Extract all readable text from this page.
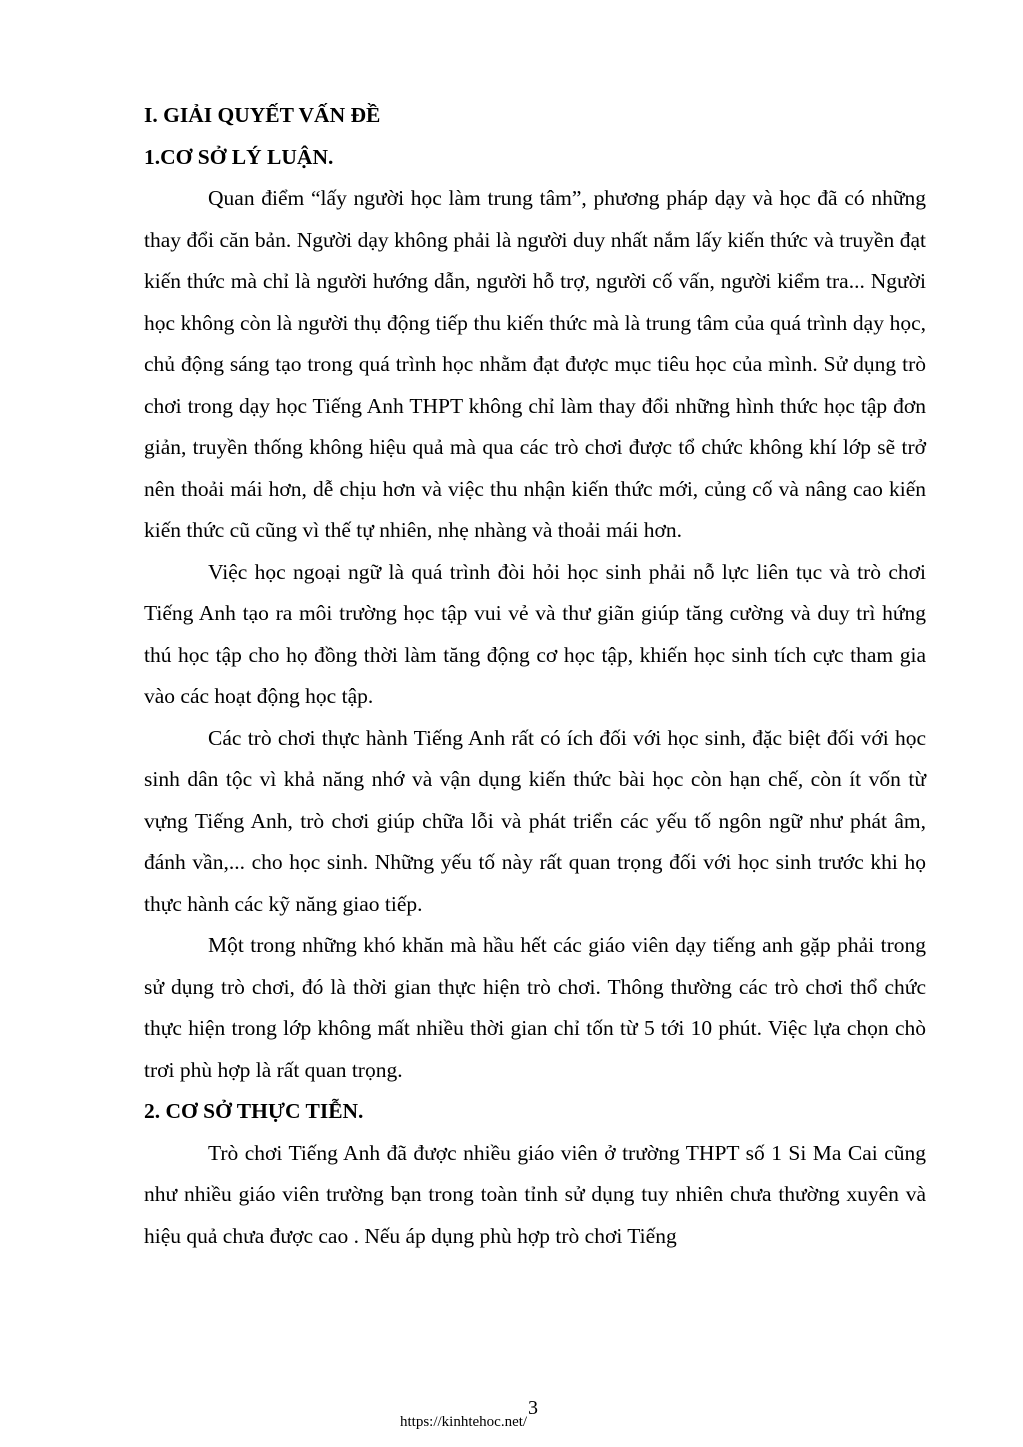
I. GIẢI QUYẾT VẤN ĐỀ

1.CƠ SỞ LÝ LUẬN.

Quan điểm “lấy người học làm trung tâm”, phương pháp dạy và học đã có những thay đổi căn bản. Người dạy không phải là người duy nhất nắm lấy kiến thức và truyền đạt kiến thức mà chỉ là người hướng dẫn, người hỗ trợ, người cố vấn, người kiểm tra... Người học không còn là người thụ động tiếp thu kiến thức mà là trung tâm của quá trình dạy học, chủ động sáng tạo trong quá trình học nhằm đạt được mục tiêu học của mình. Sử dụng trò chơi trong dạy học Tiếng Anh THPT không chỉ làm thay đổi những hình thức học tập đơn giản, truyền thống không hiệu quả mà qua các trò chơi được tổ chức không khí lớp sẽ trở nên thoải mái hơn, dễ chịu hơn và việc thu nhận kiến thức mới, củng cố và nâng cao kiến kiến thức cũ cũng vì thế tự nhiên, nhẹ nhàng và thoải mái hơn.

Việc học ngoại ngữ là quá trình đòi hỏi học sinh phải nỗ lực liên tục và trò chơi Tiếng Anh tạo ra môi trường học tập vui vẻ và thư giãn giúp tăng cường và duy trì hứng thú học tập cho họ đồng thời làm tăng động cơ học tập, khiến học sinh tích cực tham gia vào các hoạt động học tập.

Các trò chơi thực hành Tiếng Anh rất có ích đối với học sinh, đặc biệt đối với học sinh dân tộc vì khả năng nhớ và vận dụng kiến thức bài học còn hạn chế, còn ít vốn từ vựng Tiếng Anh, trò chơi giúp chữa lỗi và phát triển các yếu tố ngôn ngữ như phát âm, đánh vần,... cho học sinh. Những yếu tố này rất quan trọng đối với học sinh trước khi họ thực hành các kỹ năng giao tiếp.

Một trong những khó khăn mà hầu hết các giáo viên dạy tiếng anh gặp phải trong sử dụng trò chơi, đó là thời gian thực hiện trò chơi. Thông thường các trò chơi thổ chức thực hiện trong lớp không mất nhiều thời gian chỉ tốn từ 5 tới 10 phút. Việc lựa chọn chò trơi phù hợp là rất quan trọng.

2. CƠ SỞ THỰC TIỄN.

Trò chơi Tiếng Anh đã được nhiều giáo viên ở trường THPT số 1 Si Ma Cai cũng như nhiều giáo viên trường bạn trong toàn tỉnh sử dụng tuy nhiên chưa thường xuyên và hiệu quả chưa được cao . Nếu áp dụng phù hợp trò chơi Tiếng

3
https://kinhtehoc.net/
